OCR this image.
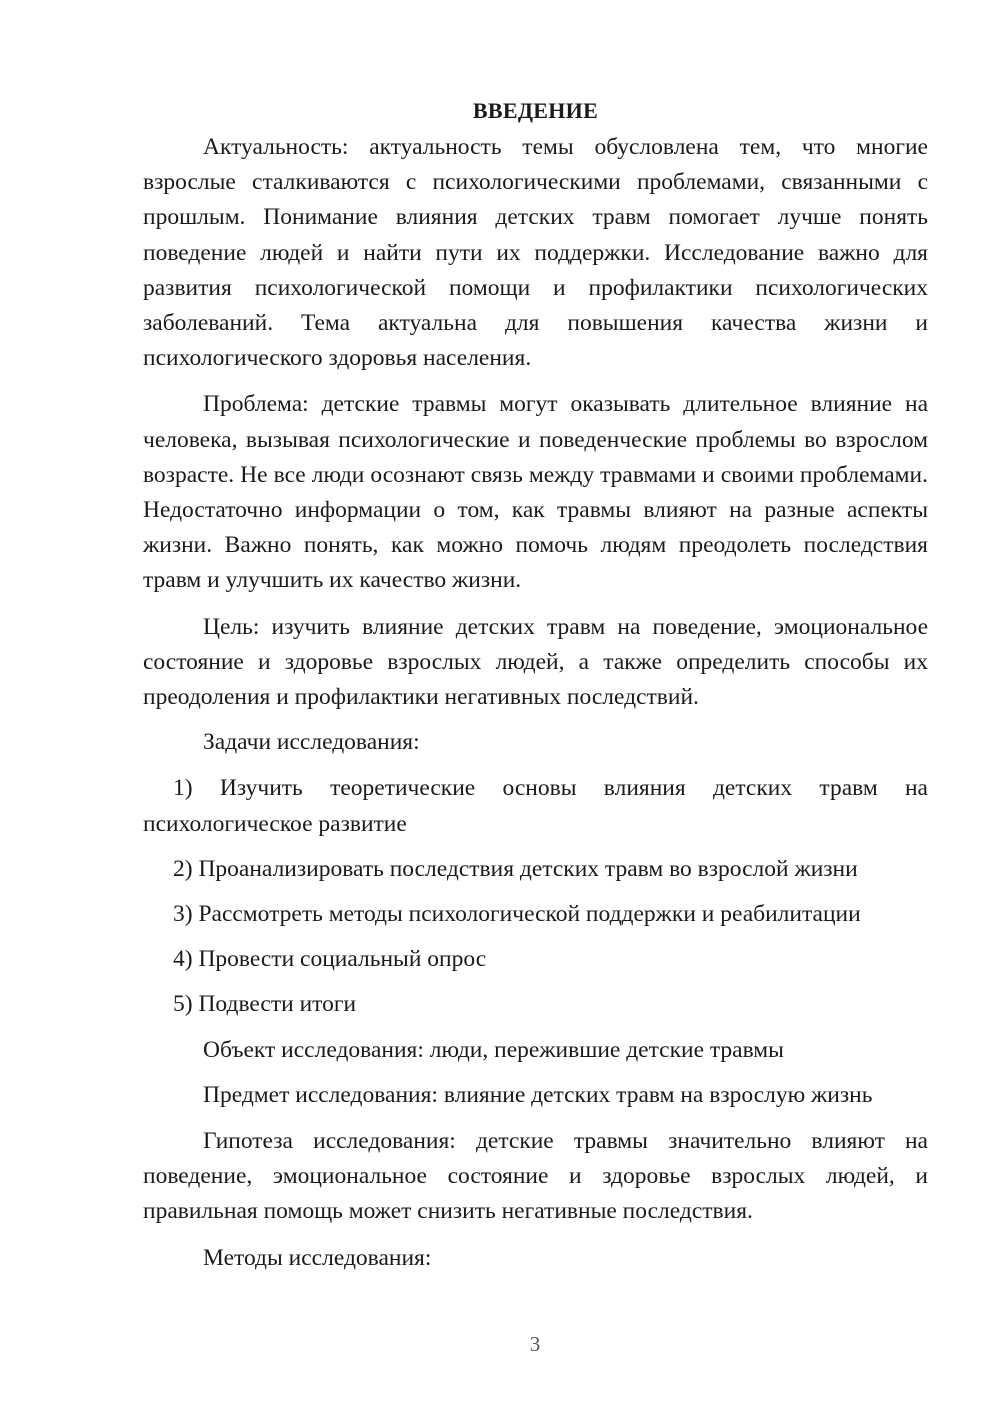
ВВЕДЕНИЕ

Актуальность: актуальность темы обусловлена тем, что многие взрослые сталкиваются с психологическими проблемами, связанными с прошлым. Понимание влияния детских травм помогает лучше понять поведение людей и найти пути их поддержки. Исследование важно для развития психологической помощи и профилактики психологических заболеваний. Тема актуальна для повышения качества жизни и психологического здоровья населения.

Проблема: детские травмы могут оказывать длительное влияние на человека, вызывая психологические и поведенческие проблемы во взрослом возрасте. Не все люди осознают связь между травмами и своими проблемами. Недостаточно информации о том, как травмы влияют на разные аспекты жизни. Важно понять, как можно помочь людям преодолеть последствия травм и улучшить их качество жизни.

Цель: изучить влияние детских травм на поведение, эмоциональное состояние и здоровье взрослых людей, а также определить способы их преодоления и профилактики негативных последствий.

Задачи исследования:

1) Изучить теоретические основы влияния детских травм на психологическое развитие

2) Проанализировать последствия детских травм во взрослой жизни

3) Рассмотреть методы психологической поддержки и реабилитации

4) Провести социальный опрос

5) Подвести итоги

Объект исследования: люди, пережившие детские травмы

Предмет исследования: влияние детских травм на взрослую жизнь

Гипотеза исследования: детские травмы значительно влияют на поведение, эмоциональное состояние и здоровье взрослых людей, и правильная помощь может снизить негативные последствия.

Методы исследования:

3
